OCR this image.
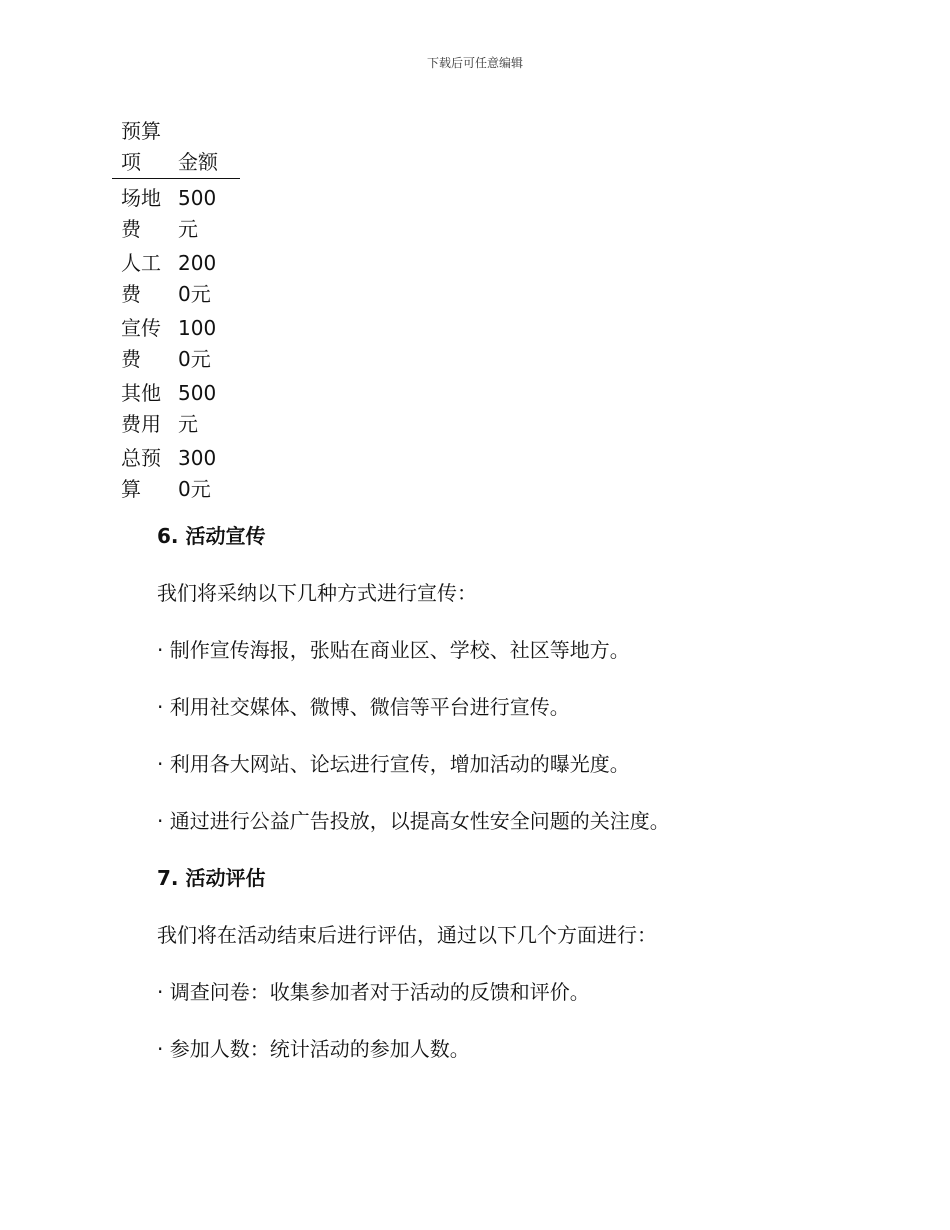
下载后可任意编辑
预算项	金额

场地费	500元

人工费	2000元

宣传费	1000元

其他费用	500元

总预算	3000元

6. 活动宣传

我们将采纳以下几种方式进行宣传：

· 制作宣传海报，张贴在商业区、学校、社区等地方。

· 利用社交媒体、微博、微信等平台进行宣传。

· 利用各大网站、论坛进行宣传，增加活动的曝光度。

· 通过进行公益广告投放，以提高女性安全问题的关注度。

7. 活动评估

我们将在活动结束后进行评估，通过以下几个方面进行：

· 调查问卷：收集参加者对于活动的反馈和评价。

· 参加人数：统计活动的参加人数。
